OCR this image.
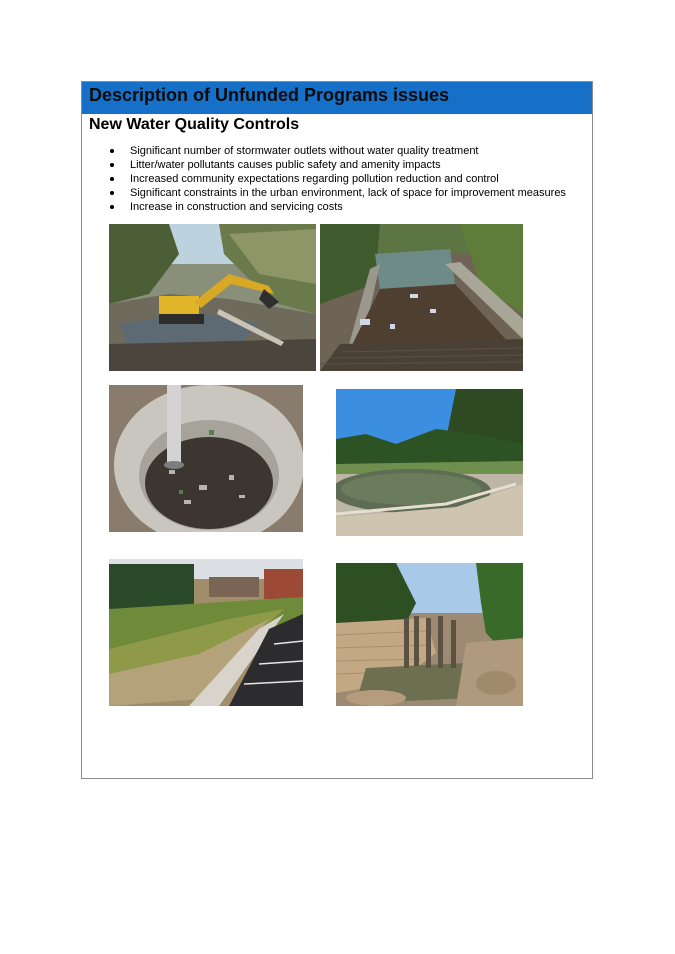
Description of Unfunded Programs issues
New Water Quality Controls
Significant number of stormwater outlets without water quality treatment
Litter/water pollutants causes public safety and amenity impacts
Increased community expectations regarding pollution reduction and control
Significant constraints in the urban environment, lack of space for improvement measures
Increase in construction and servicing costs
